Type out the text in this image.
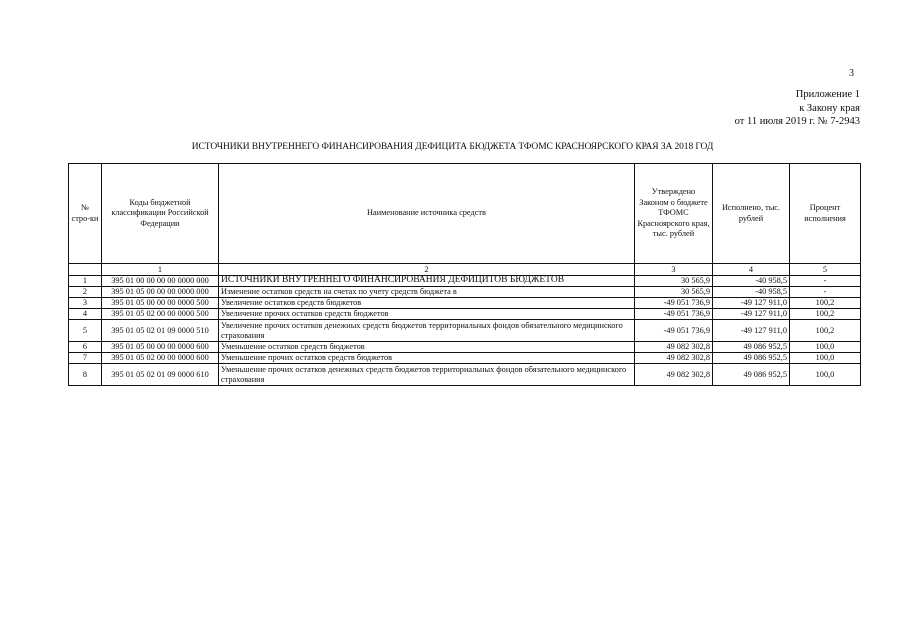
3
Приложение 1
к Закону края
от 11 июля 2019 г. № 7-2943
ИСТОЧНИКИ ВНУТРЕННЕГО ФИНАНСИРОВАНИЯ ДЕФИЦИТА БЮДЖЕТА ТФОМС КРАСНОЯРСКОГО КРАЯ ЗА 2018 ГОД
№ стро-ки	Коды бюджетной классификации Российской Федерации	Наименование источника средств	Утверждено Законом о бюджете ТФОМС Красноярского края, тыс. рублей	Исполнено, тыс. рублей	Процент исполнения
	1	2	3	4	5
1	395 01 00 00 00 00 0000 000	ИСТОЧНИКИ ВНУТРЕННЕГО ФИНАНСИРОВАНИЯ ДЕФИЦИТОВ БЮДЖЕТОВ	30 565,9	-40 958,5	-
2	395 01 05 00 00 00 0000 000	Изменение остатков средств на счетах по учету средств бюджета в	30 565,9	-40 958,5	-
3	395 01 05 00 00 00 0000 500	Увеличение остатков средств бюджетов	-49 051 736,9	-49 127 911,0	100,2
4	395 01 05 02 00 00 0000 500	Увеличение прочих остатков средств бюджетов	-49 051 736,9	-49 127 911,0	100,2
5	395 01 05 02 01 09 0000 510	Увеличение прочих остатков денежных средств бюджетов территориальных фондов обязательного медицинского страхования	-49 051 736,9	-49 127 911,0	100,2
6	395 01 05 00 00 00 0000 600	Уменьшение остатков средств бюджетов	49 082 302,8	49 086 952,5	100,0
7	395 01 05 02 00 00 0000 600	Уменьшение прочих остатков средств бюджетов	49 082 302,8	49 086 952,5	100,0
8	395 01 05 02 01 09 0000 610	Уменьшение прочих остатков денежных средств бюджетов территориальных фондов обязательного медицинского страхования	49 082 302,8	49 086 952,5	100,0
